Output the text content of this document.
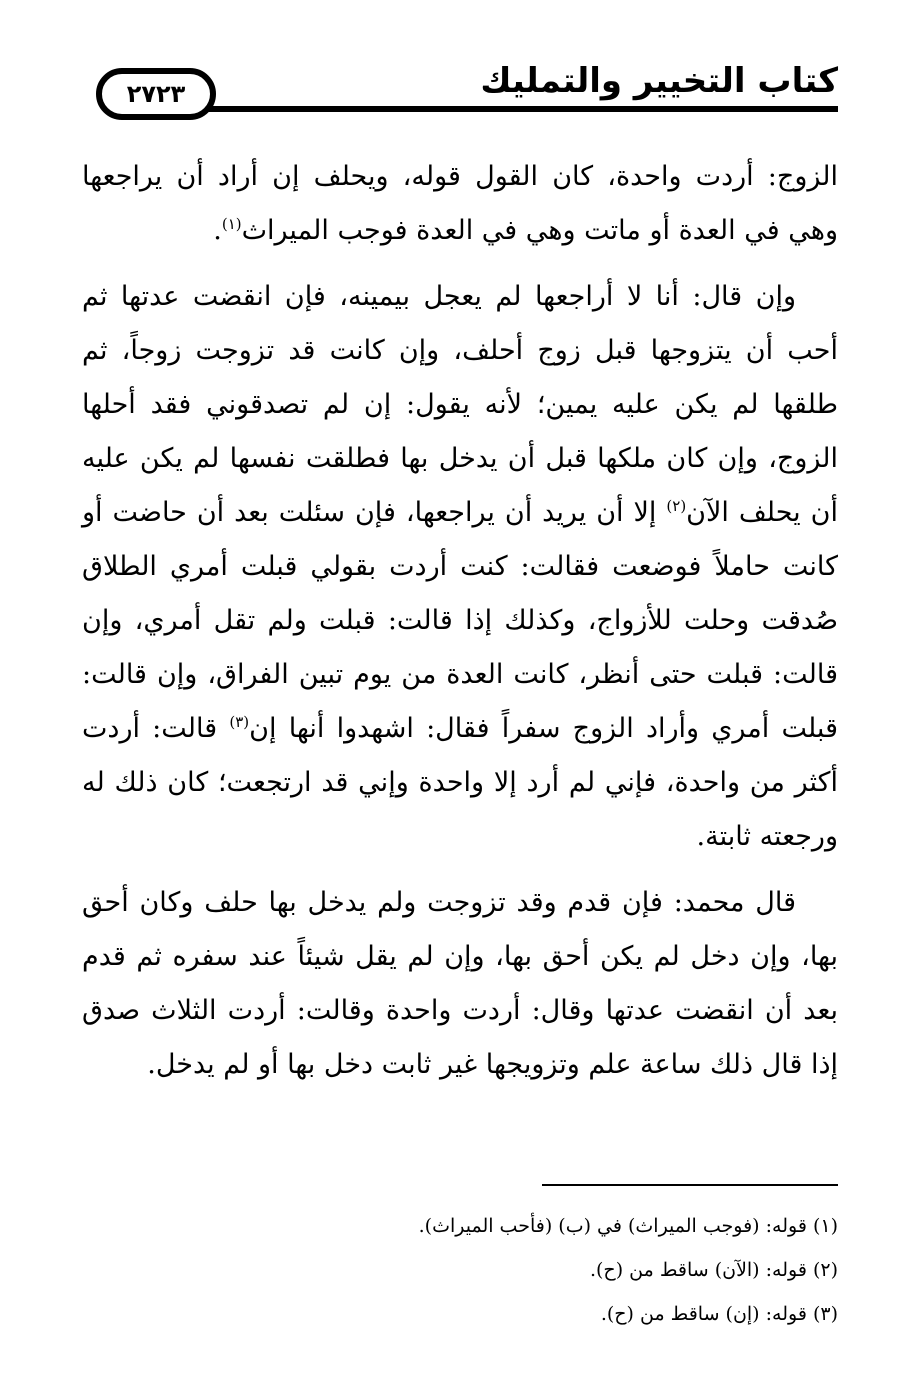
كتاب التخيير والتمليك
٢٧٢٣

الزوج: أردت واحدة، كان القول قوله، ويحلف إن أراد أن يراجعها وهي في العدة أو ماتت وهي في العدة فوجب الميراث$^{(١)}$.

وإن قال: أنا لا أراجعها لم يعجل بيمينه، فإن انقضت عدتها ثم أحب أن يتزوجها قبل زوج أحلف، وإن كانت قد تزوجت زوجاً، ثم طلقها لم يكن عليه يمين؛ لأنه يقول: إن لم تصدقوني فقد أحلها الزوج، وإن كان ملكها قبل أن يدخل بها فطلقت نفسها لم يكن عليه أن يحلف الآن$^{(٢)}$ إلا أن يريد أن يراجعها، فإن سئلت بعد أن حاضت أو كانت حاملاً فوضعت فقالت: كنت أردت بقولي قبلت أمري الطلاق صُدقت وحلت للأزواج، وكذلك إذا قالت: قبلت ولم تقل أمري، وإن قالت: قبلت حتى أنظر، كانت العدة من يوم تبين الفراق، وإن قالت: قبلت أمري وأراد الزوج سفراً فقال: اشهدوا أنها إن$^{(٣)}$ قالت: أردت أكثر من واحدة، فإني لم أرد إلا واحدة وإني قد ارتجعت؛ كان ذلك له ورجعته ثابتة.

قال محمد: فإن قدم وقد تزوجت ولم يدخل بها حلف وكان أحق بها، وإن دخل لم يكن أحق بها، وإن لم يقل شيئاً عند سفره ثم قدم بعد أن انقضت عدتها وقال: أردت واحدة وقالت: أردت الثلاث صدق إذا قال ذلك ساعة علم وتزويجها غير ثابت دخل بها أو لم يدخل.

(١) قوله: (فوجب الميراث) في (ب) (فأحب الميراث).

(٢) قوله: (الآن) ساقط من (ح).

(٣) قوله: (إن) ساقط من (ح).
